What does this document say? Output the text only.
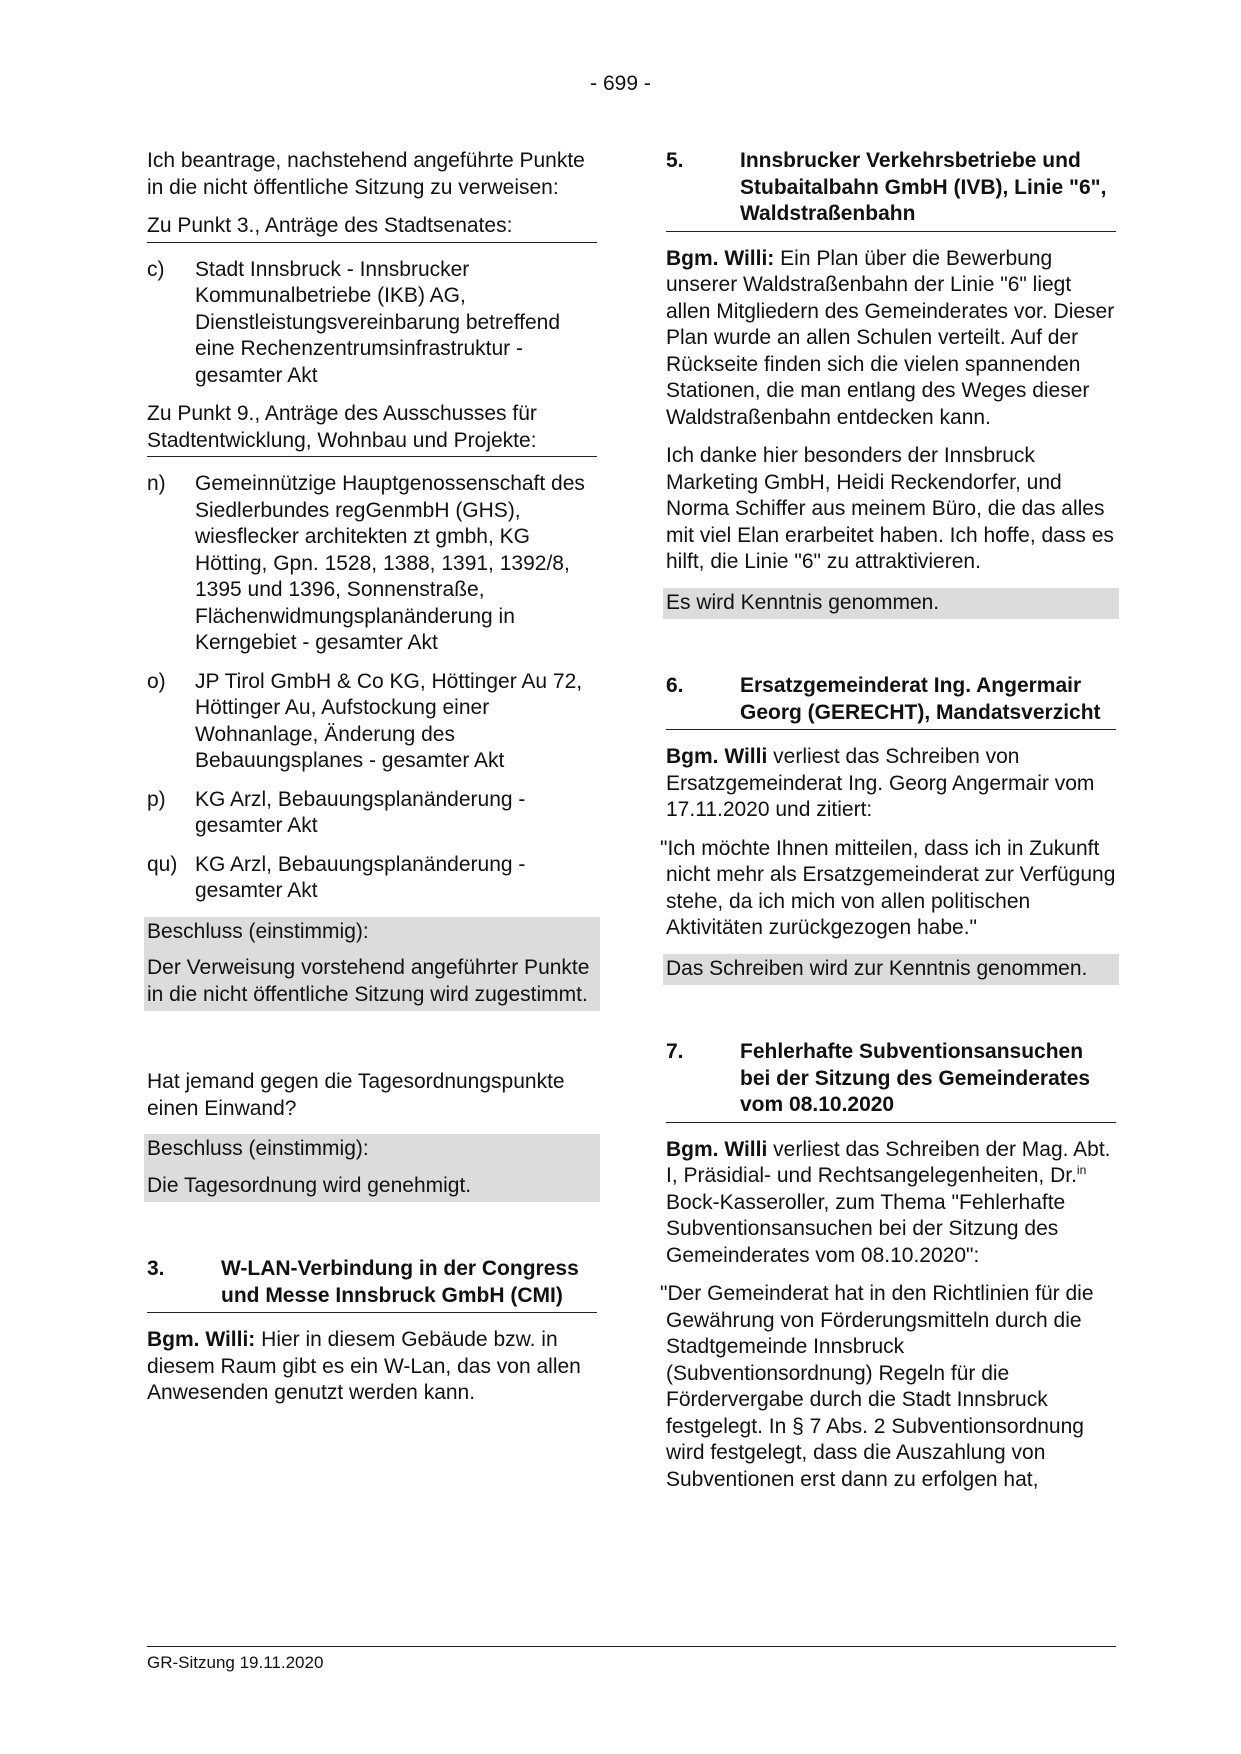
- 699 -

Ich beantrage, nachstehend angeführte Punkte in die nicht öffentliche Sitzung zu verweisen:

Zu Punkt 3., Anträge des Stadtsenates:

c)	Stadt Innsbruck - Innsbrucker Kommunalbetriebe (IKB) AG, Dienstleistungsvereinbarung betreffend eine Rechenzentrumsinfrastruktur - gesamter Akt

Zu Punkt 9., Anträge des Ausschusses für Stadtentwicklung, Wohnbau und Projekte:

n)	Gemeinnützige Hauptgenossenschaft des Siedlerbundes regGenmbH (GHS), wiesflecker architekten zt gmbh, KG Hötting, Gpn. 1528, 1388, 1391, 1392/8, 1395 und 1396, Sonnenstraße, Flächenwidmungsplanänderung in Kerngebiet - gesamter Akt
o)	JP Tirol GmbH & Co KG, Höttinger Au 72, Höttinger Au, Aufstockung einer Wohnanlage, Änderung des Bebauungsplanes - gesamter Akt
p)	KG Arzl, Bebauungsplanänderung - gesamter Akt
qu) KG Arzl, Bebauungsplanänderung - gesamter Akt

Beschluss (einstimmig):

Der Verweisung vorstehend angeführter Punkte in die nicht öffentliche Sitzung wird zugestimmt.

Hat jemand gegen die Tagesordnungspunkte einen Einwand?

Beschluss (einstimmig):

Die Tagesordnung wird genehmigt.

3.	W-LAN-Verbindung in der Congress und Messe Innsbruck GmbH (CMI)

Bgm. Willi: Hier in diesem Gebäude bzw. in diesem Raum gibt es ein W-Lan, das von allen Anwesenden genutzt werden kann.

5.	Innsbrucker Verkehrsbetriebe und Stubaitalbahn GmbH (IVB), Linie "6", Waldstraßenbahn

Bgm. Willi: Ein Plan über die Bewerbung unserer Waldstraßenbahn der Linie "6" liegt allen Mitgliedern des Gemeinderates vor. Dieser Plan wurde an allen Schulen verteilt. Auf der Rückseite finden sich die vielen spannenden Stationen, die man entlang des Weges dieser Waldstraßenbahn entdecken kann.

Ich danke hier besonders der Innsbruck Marketing GmbH, Heidi Reckendorfer, und Norma Schiffer aus meinem Büro, die das alles mit viel Elan erarbeitet haben. Ich hoffe, dass es hilft, die Linie "6" zu attraktivieren.

Es wird Kenntnis genommen.

6.	Ersatzgemeinderat Ing. Angermair Georg (GERECHT), Mandatsverzicht

Bgm. Willi verliest das Schreiben von Ersatzgemeinderat Ing. Georg Angermair vom 17.11.2020 und zitiert:

"Ich möchte Ihnen mitteilen, dass ich in Zukunft nicht mehr als Ersatzgemeinderat zur Verfügung stehe, da ich mich von allen politischen Aktivitäten zurückgezogen habe."

Das Schreiben wird zur Kenntnis genommen.

7.	Fehlerhafte Subventionsansuchen bei der Sitzung des Gemeinderates vom 08.10.2020

Bgm. Willi verliest das Schreiben der Mag. Abt. I, Präsidial- und Rechtsangelegenheiten, Dr.$^{in}$ Bock-Kasseroller, zum Thema "Fehlerhafte Subventionsansuchen bei der Sitzung des Gemeinderates vom 08.10.2020":

"Der Gemeinderat hat in den Richtlinien für die Gewährung von Förderungsmitteln durch die Stadtgemeinde Innsbruck (Subventionsordnung) Regeln für die Fördervergabe durch die Stadt Innsbruck festgelegt. In § 7 Abs. 2 Subventionsordnung wird festgelegt, dass die Auszahlung von Subventionen erst dann zu erfolgen hat,

GR-Sitzung 19.11.2020
